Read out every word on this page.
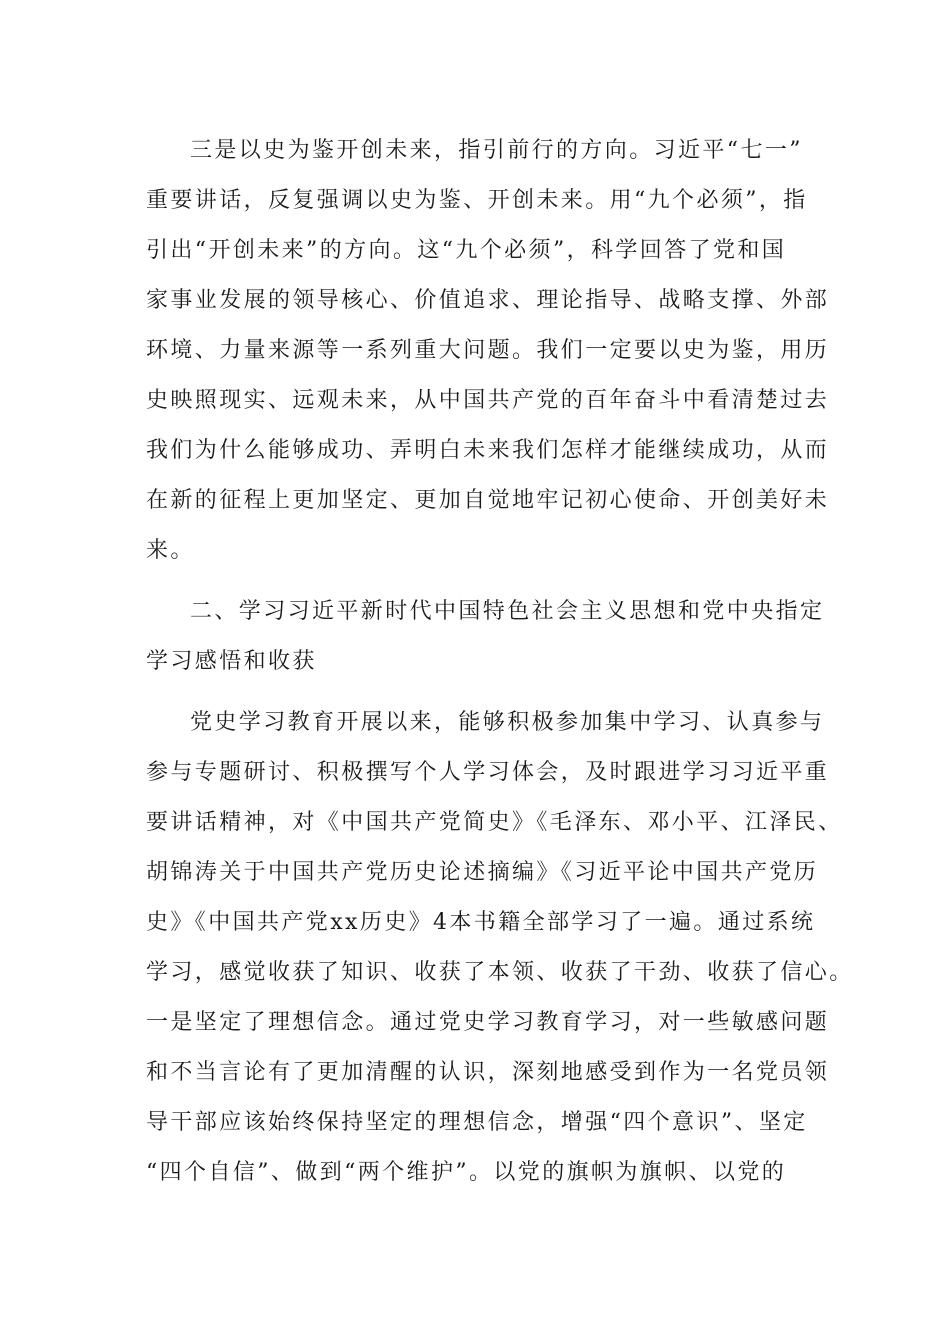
三是以史为鉴开创未来，指引前行的方向。习近平“七一”
重要讲话，反复强调以史为鉴、开创未来。用“九个必须”，指
引出“开创未来”的方向。这“九个必须”，科学回答了党和国
家事业发展的领导核心、价值追求、理论指导、战略支撑、外部
环境、力量来源等一系列重大问题。我们一定要以史为鉴，用历
史映照现实、远观未来，从中国共产党的百年奋斗中看清楚过去
我们为什么能够成功、弄明白未来我们怎样才能继续成功，从而
在新的征程上更加坚定、更加自觉地牢记初心使命、开创美好未
来。
二、学习习近平新时代中国特色社会主义思想和党中央指定
学习感悟和收获
党史学习教育开展以来，能够积极参加集中学习、认真参与
参与专题研讨、积极撰写个人学习体会，及时跟进学习习近平重
要讲话精神，对《中国共产党简史》《毛泽东、邓小平、江泽民、
胡锦涛关于中国共产党历史论述摘编》《习近平论中国共产党历
史》《中国共产党xx历史》4本书籍全部学习了一遍。通过系统
学习，感觉收获了知识、收获了本领、收获了干劲、收获了信心。
一是坚定了理想信念。通过党史学习教育学习，对一些敏感问题
和不当言论有了更加清醒的认识，深刻地感受到作为一名党员领
导干部应该始终保持坚定的理想信念，增强“四个意识”、坚定
“四个自信”、做到“两个维护”。以党的旗帜为旗帜、以党的
